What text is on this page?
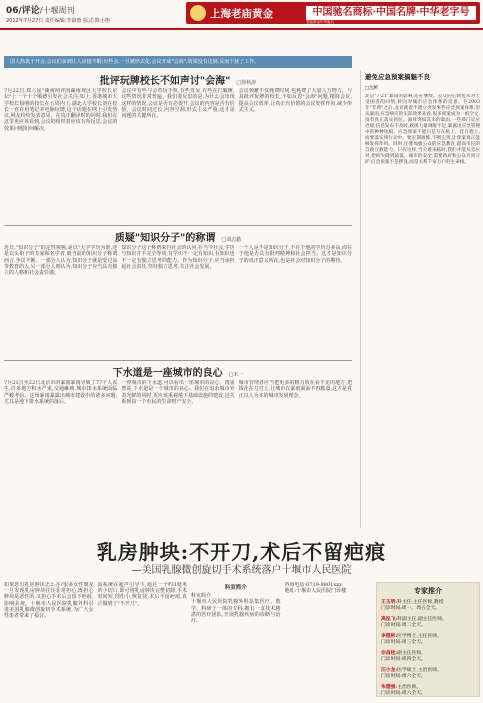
06/评论/十堰周刊
2012年7月27日 责任编辑:李淑蓉 版式:陈小艳
上海老庙黄金	中国驰名商标·中国名牌·中华老字号
老庙黄金中华驰名
国人热衷于开会,会议们多到让人应接不暇;有些会,一旦被形式化,会议开成"会海",效果没有达到,反而干扰了工作。
批评玩牌校长不如声讨"会海" □徐秋涛
7月22日,郑八届"湖南网评国湖南观区大学校长论坛"上一个十个顺德引发社会关注;如上,香港城市大学校长简明的校长在五周内上,湖北大学校长刘在校长一直在用笔记本电脑玩牌,这个话题在网上引发热议,网友纷纷发表意见。在真正翻译时的同时,我们在这里更应该看到,会议的组织者应该有所反思,会议的效果问题如何解决。
会议中有些与会者玩手机,有些发呆,有些在打瞌睡,这些情况非常普遍。我们要反思的是,为什么会出现这样的情况,会议是否有必要开,会议的内容是否有价值。会议时间过长,内容空洞,形式主义严重,这才是问题的关键所在。
会议频繁不仅耗费时间,也耗费了大量人力物力。与其批评玩牌的校长,不如反思"会海"问题,精简会议,提高会议效率,让真正有价值的会议发挥作用,减少形式主义。
质疑"知识分子"的称谓 □刘志勤
近日,"知识分子"的定性频频,是以"大学学历为准,还是以头衔子的专家和名学者,就当前的知识分子称谓而言,争议不断。一部分人认为,知识分子就是受过高等教育的人,另一部分人则认为,知识分子应当具有独立的人格和社会责任感。
知识分子这个称谓来自社会的认同,在当今社会,学历与知识并不完全等同,有学历不一定有知识,有知识也不一定有独立思考的能力。作为知识分子,应当承担起社会责任,坚持独立思考,关注社会发展。
一个人是不是知识分子,不在于他的学历有多高,而在于他是否具有批判精神和社会担当。这才是知识分子的真正意义所在,也是社会对知识分子的期待。
下水道是一座城市的良心 □木一
7月21日至22日北京市的暴雨暴雨导致了77个人丧生,许多地方积水严重,交通瘫痪,城市排水系统面临严峻考验。这场暴雨暴露出城市建设中的诸多问题,尤其是地下排水系统的落后。
一座城市的下水道,可以看出一座城市的良心。雨果曾说,下水道是一个城市的良心。我们在追求城市外表光鲜的同时,更应该重视地下基础设施的建设,这关系到每一个市民的生命财产安全。
城市管理者应当把更多的精力放在看不见的地方,把钱花在刀刃上,让城市在暴雨面前不再脆弱,这才是真正以人为本的城市发展理念。
避免应急预案搞魅不良
□沈彬
北京"7·21"暴雨的影响,还在继续。公众的心情也从对于受困者的同情,转向对城市应急体系的反思。在2003年"非典"之后,北京就着手建立突发事件应急预案体系,但从暴雨,应急响应的实际效果来看,很多预案成为一纸空文,没有真正落实到位。面对突如其来的暴雨,一些部门反应迟缓,信息发布不及时,救援力量调配不足,暴露出应急管理中的种种短板。应急预案不能只是写在纸上、挂在墙上,而要落实到行动中。要定期演练,不断完善,让预案真正能够发挥作用。同时,还要加强公众的应急教育,提高市民的自救互救能力。只有这样,当灾难来临时,我们才能从容应对,把损失降到最低。城市的安全,需要政府和公众共同守护,应急预案不是摆设,而是关系千家万户的生命线。
乳房肿块:不开刀,术后不留疤痕
—美国乳腺微创旋切手术系统落户十堰市人民医院
如果您有乳房肿块怎么办?很多女性朋友一旦发现乳房肿块往往非常担心,既担心肿块是恶性的,又担心手术后会留下疤痕,影响美观。十堰市人民医院乳腺外科引进美国乳腺微创旋切手术系统,为广大女性患者带来了福音。
该系统在超声引导下,通过一个约3毫米的小切口,即可将乳房肿块完整切除,手术时间短,创伤小,恢复快,术后不留疤痕,真正做到了"不开刀"。
科室简介
科室简介
十堰市人民医院乳腺外科是集医疗、教学、科研于一体的专科,拥有一支技术精湛的医疗团队,开展乳腺疾病的诊断与治疗。
咨询电话:0719-8801xxx
地址:十堰市人民医院门诊楼	专家推介
王玉明:科主任,主任医师,教授
门诊时间:周一、周五全天。
高泓飞:科副主任,副主任医师。
门诊时间:周二全天。
李德彬:医学博士,主任医师。
门诊时间:周三全天。
佘昌桂:副主任医师。
门诊时间:周四全天。
汪小龙:医学硕士,主治医师。
门诊时间:周六全天。
朱德强:主治医师。
门诊时间:周六全天。
